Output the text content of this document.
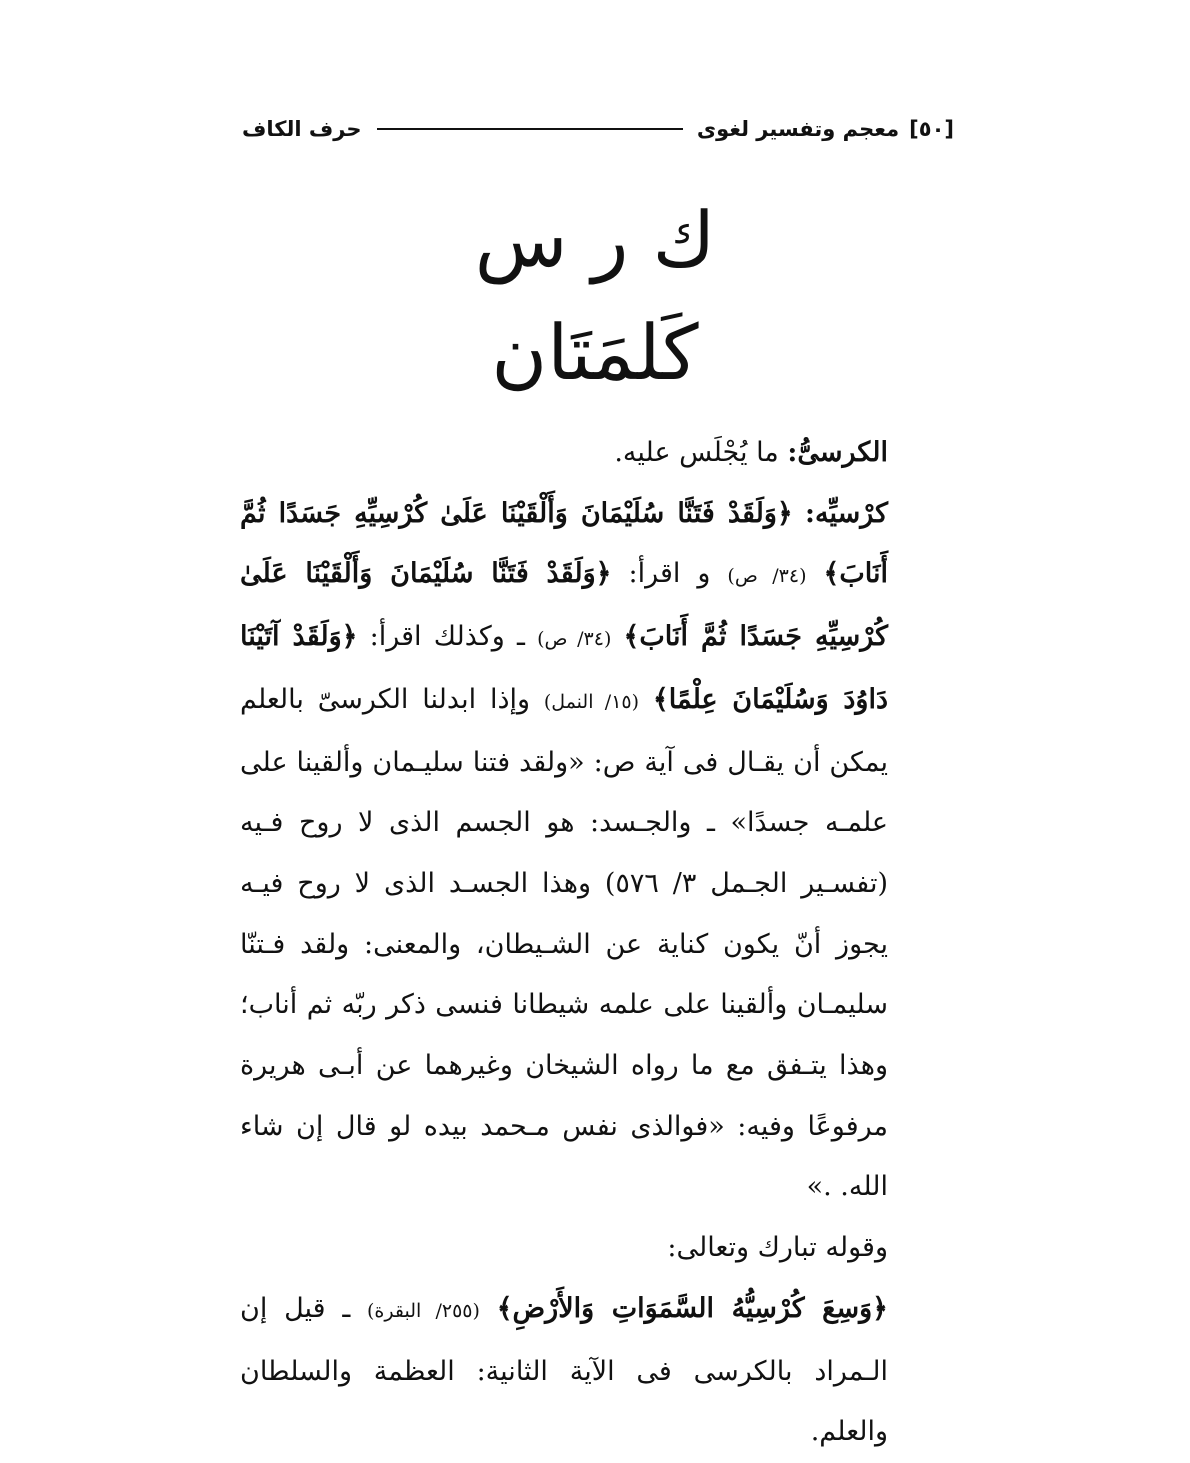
[٥٠]
معجم وتفسير لغوى
حرف الكاف
ك ر س
كَلمَتَان

الكرسىُّ: ما يُجْلَس عليه.

كرْسيِّه: ﴿وَلَقَدْ فَتَنَّا سُلَيْمَانَ وَأَلْقَيْنَا عَلَىٰ كُرْسِيِّهِ جَسَدًا ثُمَّ أَنَابَ﴾ (٣٤/ ص) و اقرأ: ﴿وَلَقَدْ فَتَنَّا سُلَيْمَانَ وَأَلْقَيْنَا عَلَىٰ كُرْسِيِّهِ جَسَدًا ثُمَّ أَنَابَ﴾ (٣٤/ ص) ـ وكذلك اقرأ: ﴿وَلَقَدْ آتَيْنَا دَاوُدَ وَسُلَيْمَانَ عِلْمًا﴾ (١٥/ النمل) وإذا ابدلنا الكرسىّ بالعلم يمكن أن يقـال فى آية ص: «ولقد فتنا سليـمان وألقينا على علمـه جسدًا» ـ والجـسد: هو الجسم الذى لا روح فـيه (تفسـير الجـمل ٣/ ٥٧٦) وهذا الجسـد الذى لا روح فيـه يجوز أنّ يكون كناية عن الشـيطان، والمعنى: ولقد فـتنّا سليمـان وألقينا على علمه شيطانا فنسى ذكر ربّه ثم أناب؛ وهذا يتـفق مع ما رواه الشيخان وغيرهما عن أبـى هريرة مرفوعًا وفيه: «فوالذى نفس مـحمد بيده لو قال إن شاء الله. .»

وقوله تبارك وتعالى:

﴿وَسِعَ كُرْسِيُّهُ السَّمَوَاتِ وَالأَرْضِ﴾ (٢٥٥/ البقرة) ـ قيل إن الـمراد بالكرسى فى الآية الثانية: العظمة والسلطان والعلم.
